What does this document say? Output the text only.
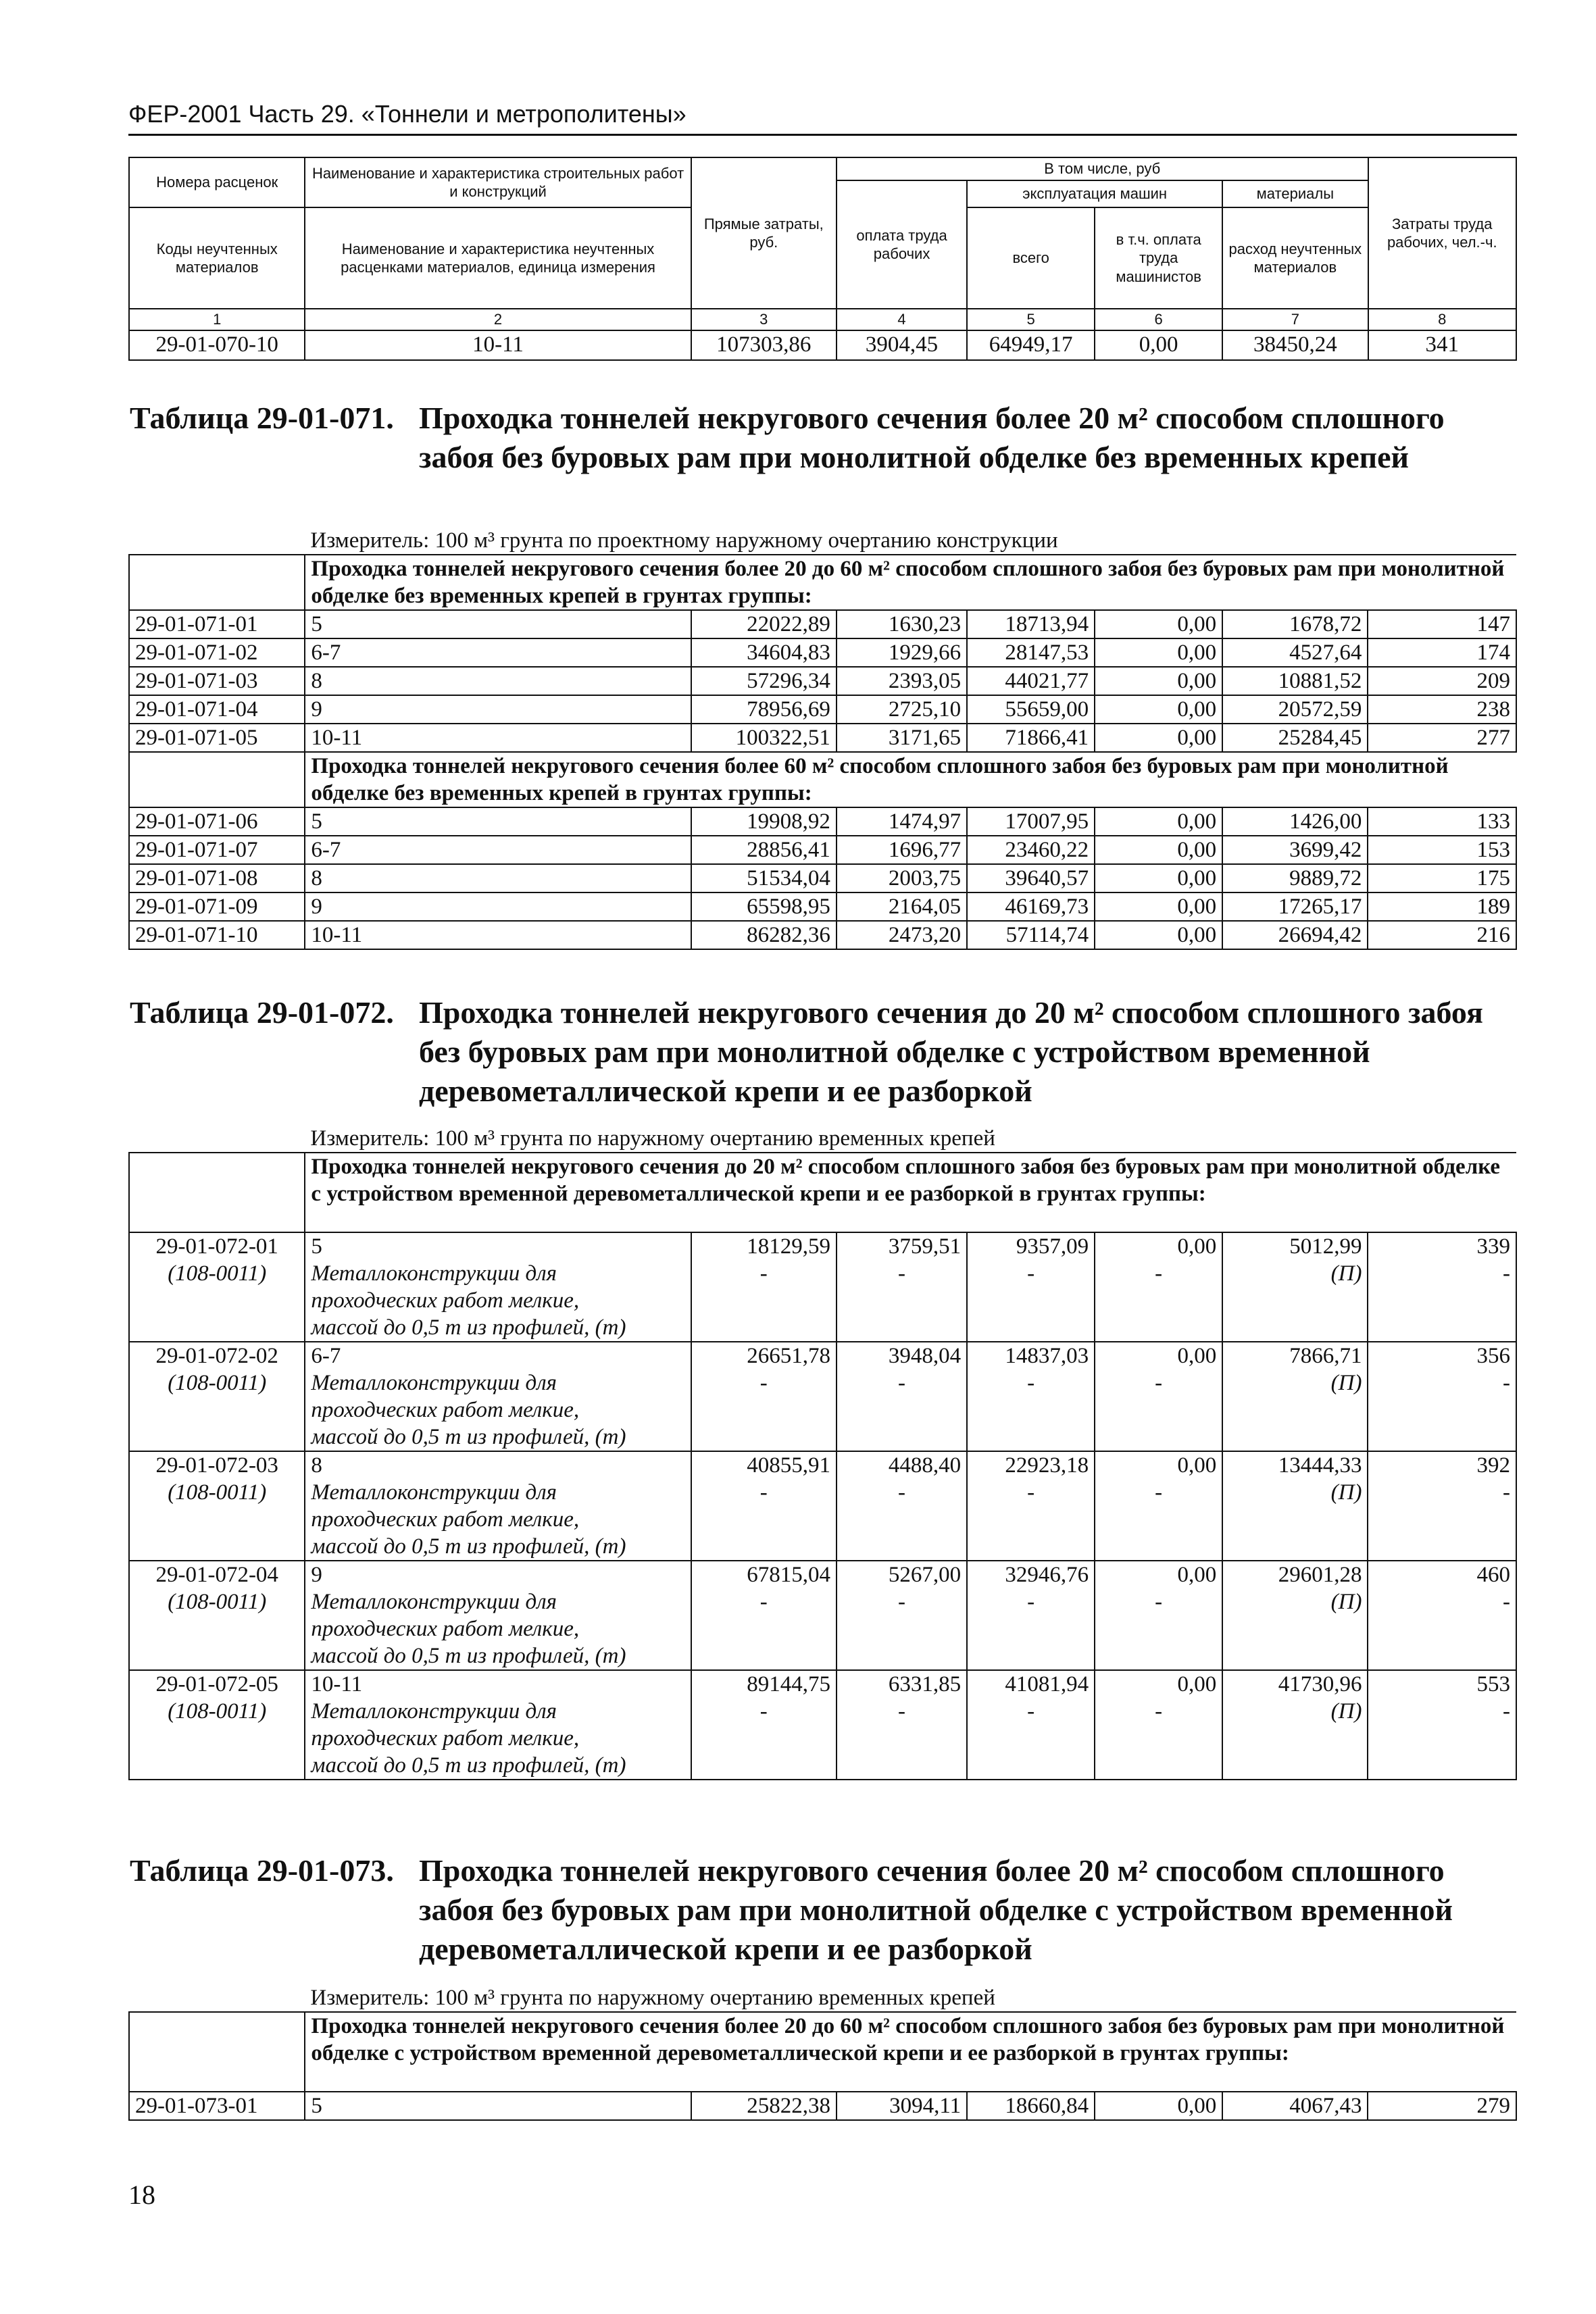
ФЕР-2001 Часть 29. «Тоннели и метрополитены»
Номера расценок	Наименование и характеристика строительных работ и конструкций	Прямые затраты, руб.	В том числе, руб				Затраты труда рабочих, чел.-ч.
			оплата труда рабочих	эксплуатация машин		материалы	
Коды неучтенных материалов	Наименование и характеристика неучтенных расценками материалов, единица измерения			всего	в т.ч. оплата труда машинистов	расход неучтенных материалов	

1	2	3	4	5	6	7	8
29-01-070-10	10-11	107303,86	3904,45	64949,17	0,00	38450,24	341
Таблица 29-01-071. Проходка тоннелей некругового сечения более 20 м² способом сплошного забоя без буровых рам при монолитной обделке без временных крепей
	Измеритель: 100 м³ грунта по проектному наружному очертанию конструкции						
	Проходка тоннелей некругового сечения более 20 до 60 м² способом сплошного забоя без буровых рам при монолитной обделке без временных крепей в грунтах группы:						
29-01-071-01	5	22022,89	1630,23	18713,94	0,00	1678,72	147
29-01-071-02	6-7	34604,83	1929,66	28147,53	0,00	4527,64	174
29-01-071-03	8	57296,34	2393,05	44021,77	0,00	10881,52	209
29-01-071-04	9	78956,69	2725,10	55659,00	0,00	20572,59	238
29-01-071-05	10-11	100322,51	3171,65	71866,41	0,00	25284,45	277
	Проходка тоннелей некругового сечения более 60 м² способом сплошного забоя без буровых рам при монолитной обделке без временных крепей в грунтах группы:						
29-01-071-06	5	19908,92	1474,97	17007,95	0,00	1426,00	133
29-01-071-07	6-7	28856,41	1696,77	23460,22	0,00	3699,42	153
29-01-071-08	8	51534,04	2003,75	39640,57	0,00	9889,72	175
29-01-071-09	9	65598,95	2164,05	46169,73	0,00	17265,17	189
29-01-071-10	10-11	86282,36	2473,20	57114,74	0,00	26694,42	216
Таблица 29-01-072. Проходка тоннелей некругового сечения до 20 м² способом сплошного забоя без буровых рам при монолитной обделке с устройством временной деревометаллической крепи и ее разборкой
	Измеритель: 100 м³ грунта по наружному очертанию временных крепей						
	Проходка тоннелей некругового сечения до 20 м² способом сплошного забоя без буровых рам при монолитной обделке с устройством временной деревометаллической крепи и ее разборкой в грунтах группы:						
29-01-072-01	5	18129,59	3759,51	9357,09	0,00	5012,99	339
(108-0011)	Металлоконструкции для	-	-	-	-	(П)	-
	проходческих работ мелкие,						
	массой до 0,5 т из профилей, (т)						
29-01-072-02	6-7	26651,78	3948,04	14837,03	0,00	7866,71	356
(108-0011)	Металлоконструкции для	-	-	-	-	(П)	-
	проходческих работ мелкие,						
	массой до 0,5 т из профилей, (т)						
29-01-072-03	8	40855,91	4488,40	22923,18	0,00	13444,33	392
(108-0011)	Металлоконструкции для	-	-	-	-	(П)	-
	проходческих работ мелкие,						
	массой до 0,5 т из профилей, (т)						
29-01-072-04	9	67815,04	5267,00	32946,76	0,00	29601,28	460
(108-0011)	Металлоконструкции для	-	-	-	-	(П)	-
	проходческих работ мелкие,						
	массой до 0,5 т из профилей, (т)						
29-01-072-05	10-11	89144,75	6331,85	41081,94	0,00	41730,96	553
(108-0011)	Металлоконструкции для	-	-	-	-	(П)	-
	проходческих работ мелкие,						
	массой до 0,5 т из профилей, (т)						
Таблица 29-01-073. Проходка тоннелей некругового сечения более 20 м² способом сплошного забоя без буровых рам при монолитной обделке с устройством временной деревометаллической крепи и ее разборкой
	Измеритель: 100 м³ грунта по наружному очертанию временных крепей						
	Проходка тоннелей некругового сечения более 20 до 60 м² способом сплошного забоя без буровых рам при монолитной обделке с устройством временной деревометаллической крепи и ее разборкой в грунтах группы:						
29-01-073-01	5	25822,38	3094,11	18660,84	0,00	4067,43	279
18
